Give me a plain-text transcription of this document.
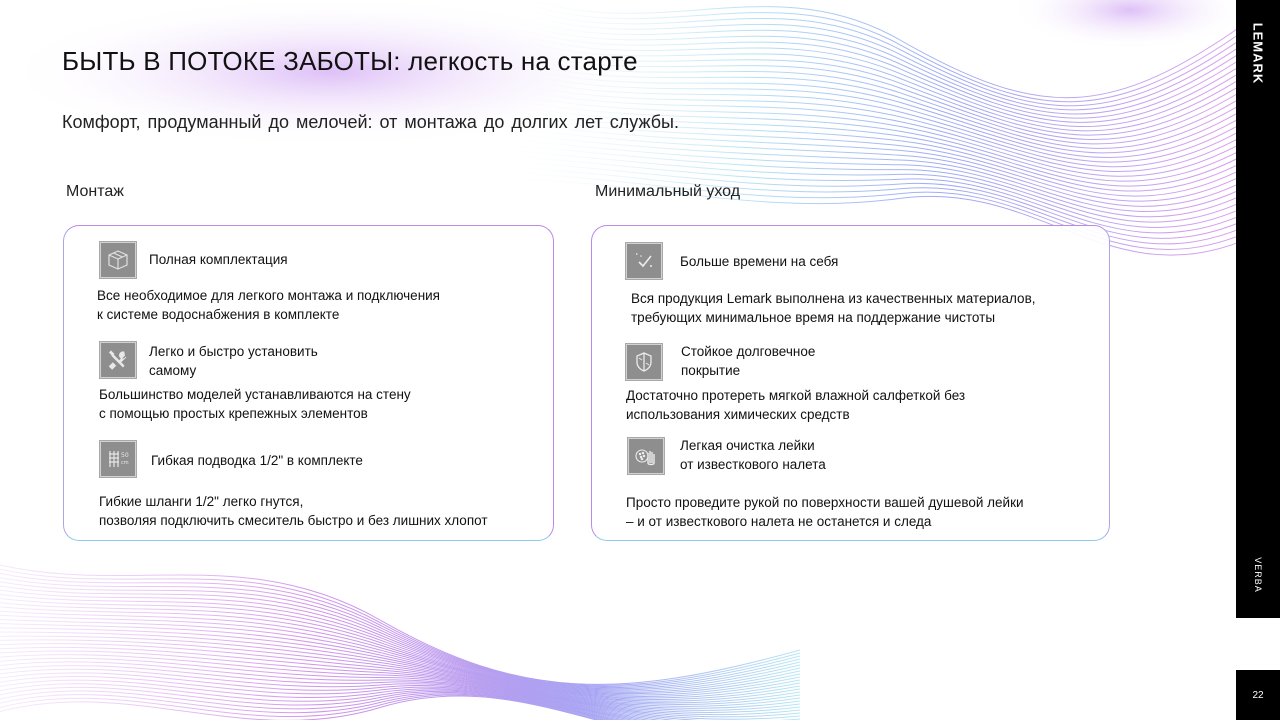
БЫТЬ В ПОТОКЕ ЗАБОТЫ: легкость на старте

Комфорт, продуманный до мелочей: от монтажа до долгих лет службы.

Монтаж	Минимальный уход
Полная комплектация
Все необходимое для легкого монтажа и подключения
к системе водоснабжения в комплекте
Легко и быстро установить
самому
Большинство моделей устанавливаются на стену
с помощью простых крепежных элементов
50
cm Гибкая подводка 1/2" в комплекте
Гибкие шланги 1/2" легко гнутся,
позволяя подключить смеситель быстро и без лишних хлопот
Больше времени на себя
Вся продукция Lemark выполнена из качественных материалов,
требующих минимальное время на поддержание чистоты
Стойкое долговечное
покрытие
Достаточно протереть мягкой влажной салфеткой без
использования химических средств
Легкая очистка лейки
от известкового налета
Просто проведите рукой по поверхности вашей душевой лейки
– и от известкового налета не останется и следа
LEMARK
VERBA
22
